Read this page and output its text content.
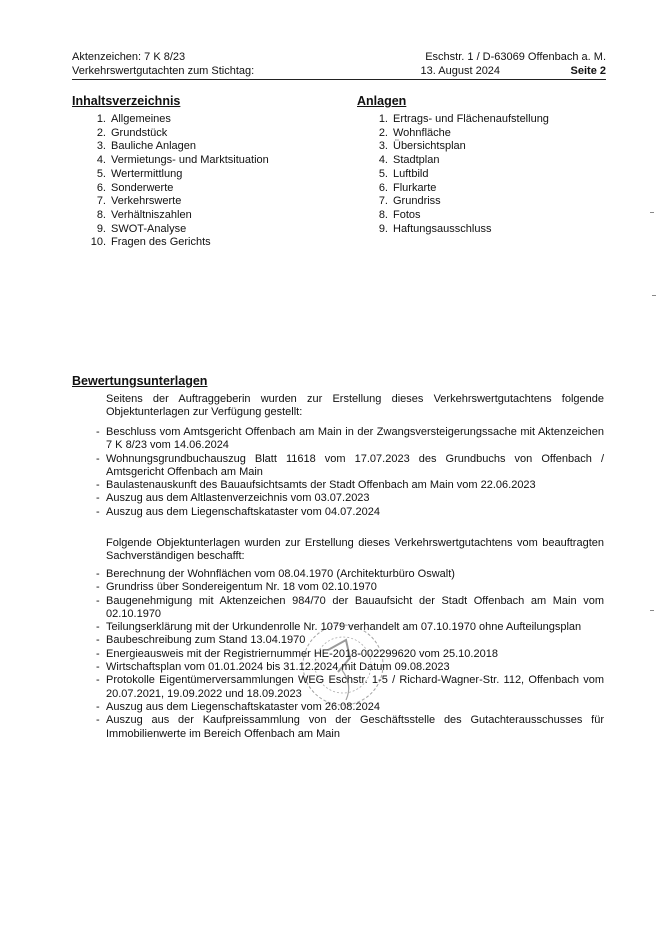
Aktenzeichen: 7 K 8/23	Eschstr. 1 / D-63069 Offenbach a. M.
Verkehrswertgutachten zum Stichtag:	13. August 2024	Seite 2
Inhaltsverzeichnis
1. Allgemeines
2. Grundstück
3. Bauliche Anlagen
4. Vermietungs- und Marktsituation
5. Wertermittlung
6. Sonderwerte
7. Verkehrswerte
8. Verhältniszahlen
9. SWOT-Analyse
10. Fragen des Gerichts
Anlagen
1. Ertrags- und Flächenaufstellung
2. Wohnfläche
3. Übersichtsplan
4. Stadtplan
5. Luftbild
6. Flurkarte
7. Grundriss
8. Fotos
9. Haftungsausschluss
Bewertungsunterlagen
Seitens der Auftraggeberin wurden zur Erstellung dieses Verkehrswertgutachtens folgende Objektunterlagen zur Verfügung gestellt:
- Beschluss vom Amtsgericht Offenbach am Main in der Zwangsversteigerungssache mit Aktenzeichen 7 K 8/23 vom 14.06.2024
- Wohnungsgrundbuchauszug Blatt 11618 vom 17.07.2023 des Grundbuchs von Offenbach / Amtsgericht Offenbach am Main
- Baulastenauskunft des Bauaufsichtsamts der Stadt Offenbach am Main vom 22.06.2023
- Auszug aus dem Altlastenverzeichnis vom 03.07.2023
- Auszug aus dem Liegenschaftskataster vom 04.07.2024
Folgende Objektunterlagen wurden zur Erstellung dieses Verkehrswertgutachtens vom beauftragten Sachverständigen beschafft:
- Berechnung der Wohnflächen vom 08.04.1970 (Architekturbüro Oswalt)
- Grundriss über Sondereigentum Nr. 18 vom 02.10.1970
- Baugenehmigung mit Aktenzeichen 984/70 der Bauaufsicht der Stadt Offenbach am Main vom 02.10.1970
- Teilungserklärung mit der Urkundenrolle Nr. 1079 verhandelt am 07.10.1970 ohne Aufteilungsplan
- Baubeschreibung zum Stand 13.04.1970
- Energieausweis mit der Registriernummer HE-2018-002299620 vom 25.10.2018
- Wirtschaftsplan vom 01.01.2024 bis 31.12.2024 mit Datum 09.08.2023
- Protokolle Eigentümerversammlungen WEG Eschstr. 1-5 / Richard-Wagner-Str. 112, Offenbach vom 20.07.2021, 19.09.2022 und 18.09.2023
- Auszug aus dem Liegenschaftskataster vom 26.08.2024
- Auszug aus der Kaufpreissammlung von der Geschäftsstelle des Gutachterausschusses für Immobilienwerte im Bereich Offenbach am Main
